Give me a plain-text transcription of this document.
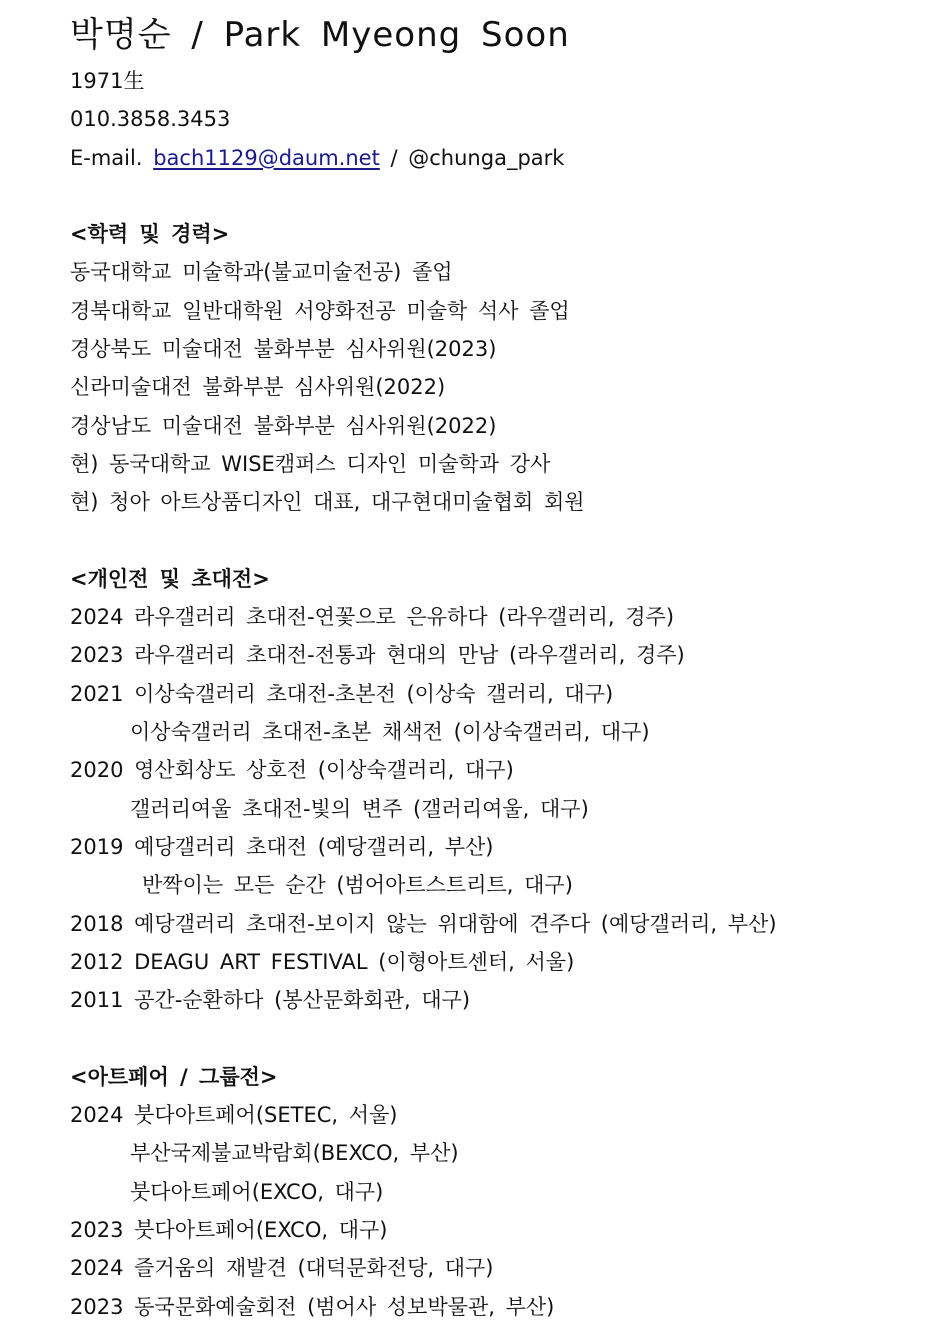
박명순 / Park Myeong Soon
1971生
010.3858.3453
E-mail. bach1129@daum.net / @chunga_park
<학력 및 경력>
동국대학교 미술학과(불교미술전공) 졸업
경북대학교 일반대학원 서양화전공 미술학 석사 졸업
경상북도 미술대전 불화부분 심사위원(2023)
신라미술대전 불화부분 심사위원(2022)
경상남도 미술대전 불화부분 심사위원(2022)
현) 동국대학교 WISE캠퍼스 디자인 미술학과 강사
현) 청아 아트상품디자인 대표, 대구현대미술협회 회원
<개인전 및 초대전>
2024 라우갤러리 초대전-연꽃으로 은유하다 (라우갤러리, 경주)
2023 라우갤러리 초대전-전통과 현대의 만남 (라우갤러리, 경주)
2021 이상숙갤러리 초대전-초본전 (이상숙 갤러리, 대구)
이상숙갤러리 초대전-초본 채색전 (이상숙갤러리, 대구)
2020 영산회상도 상호전 (이상숙갤러리, 대구)
갤러리여울 초대전-빛의 변주 (갤러리여울, 대구)
2019 예당갤러리 초대전 (예당갤러리, 부산)
반짝이는 모든 순간 (범어아트스트리트, 대구)
2018 예당갤러리 초대전-보이지 않는 위대함에 견주다 (예당갤러리, 부산)
2012 DEAGU ART FESTIVAL (이형아트센터, 서울)
2011 공간-순환하다 (봉산문화회관, 대구)
<아트페어 / 그룹전>
2024 붓다아트페어(SETEC, 서울)
부산국제불교박람회(BEXCO, 부산)
붓다아트페어(EXCO, 대구)
2023 붓다아트페어(EXCO, 대구)
2024 즐거움의 재발견 (대덕문화전당, 대구)
2023 동국문화예술회전 (범어사 성보박물관, 부산)
